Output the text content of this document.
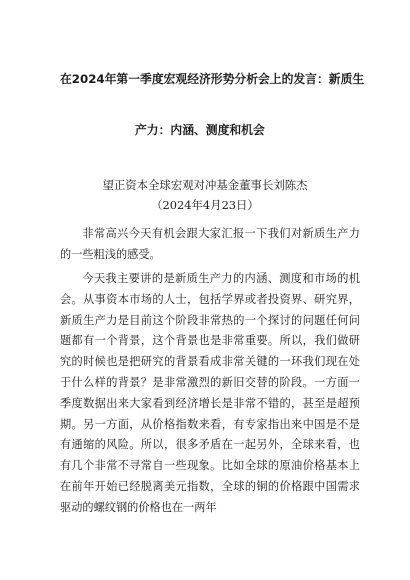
在2024年第一季度宏观经济形势分析会上的发言：新质生
产力：内涵、测度和机会
望正资本全球宏观对冲基金董事长刘陈杰
（2024年4月23日）

非常高兴今天有机会跟大家汇报一下我们对新质生产力的一些粗浅的感受。

今天我主要讲的是新质生产力的内涵、测度和市场的机会。从事资本市场的人士，包括学界或者投资界、研究界，新质生产力是目前这个阶段非常热的一个探讨的问题任何问题都有一个背景，这个背景也是非常重要。所以，我们做研究的时候也是把研究的背景看成非常关键的一环我们现在处于什么样的背景？是非常激烈的新旧交替的阶段。一方面一季度数据出来大家看到经济增长是非常不错的，甚至是超预期。另一方面，从价格指数来看，有专家指出来中国是不是有通缩的风险。所以，很多矛盾在一起另外，全球来看，也有几个非常不寻常自一些现象。比如全球的原油价格基本上在前年开始已经脱离美元指数，全球的铜的价格跟中国需求驱动的螺纹钢的价格也在一两年
